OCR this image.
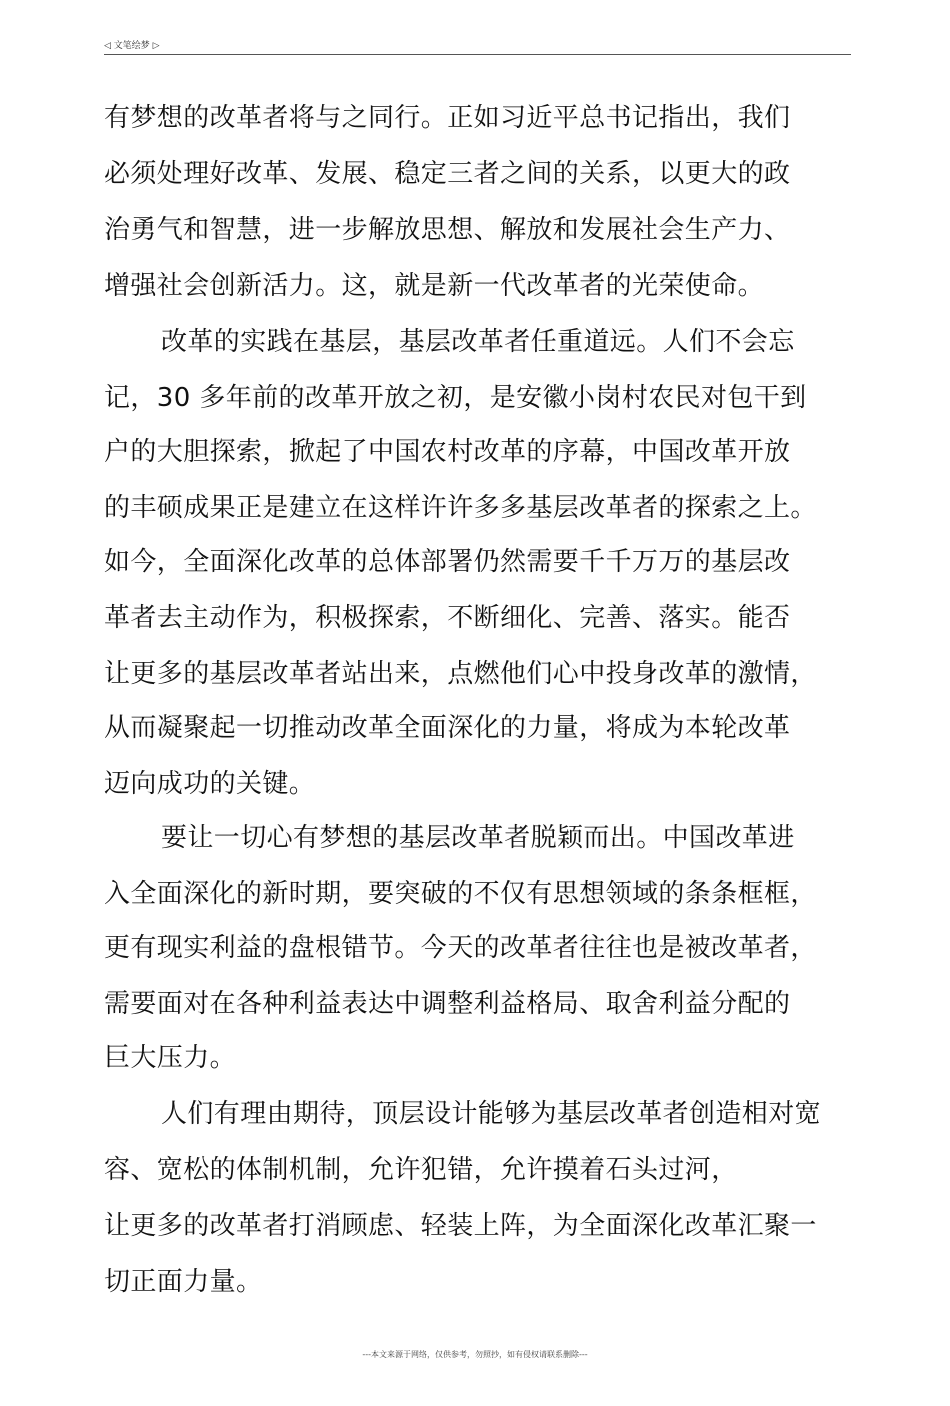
◁ 文笔绘梦 ▷
有梦想的改革者将与之同行。正如习近平总书记指出，我们
必须处理好改革、发展、稳定三者之间的关系，以更大的政
治勇气和智慧，进一步解放思想、解放和发展社会生产力、
增强社会创新活力。这，就是新一代改革者的光荣使命。
改革的实践在基层，基层改革者任重道远。人们不会忘
记，30 多年前的改革开放之初，是安徽小岗村农民对包干到
户的大胆探索，掀起了中国农村改革的序幕，中国改革开放
的丰硕成果正是建立在这样许许多多基层改革者的探索之上。
如今，全面深化改革的总体部署仍然需要千千万万的基层改
革者去主动作为，积极探索，不断细化、完善、落实。能否
让更多的基层改革者站出来，点燃他们心中投身改革的激情，
从而凝聚起一切推动改革全面深化的力量，将成为本轮改革
迈向成功的关键。
要让一切心有梦想的基层改革者脱颖而出。中国改革进
入全面深化的新时期，要突破的不仅有思想领域的条条框框，
更有现实利益的盘根错节。今天的改革者往往也是被改革者，
需要面对在各种利益表达中调整利益格局、取舍利益分配的
巨大压力。
人们有理由期待，顶层设计能够为基层改革者创造相对宽
容、宽松的体制机制，允许犯错，允许摸着石头过河，
让更多的改革者打消顾虑、轻装上阵，为全面深化改革汇聚一
切正面力量。
---本文来源于网络，仅供参考，勿照抄，如有侵权请联系删除---
